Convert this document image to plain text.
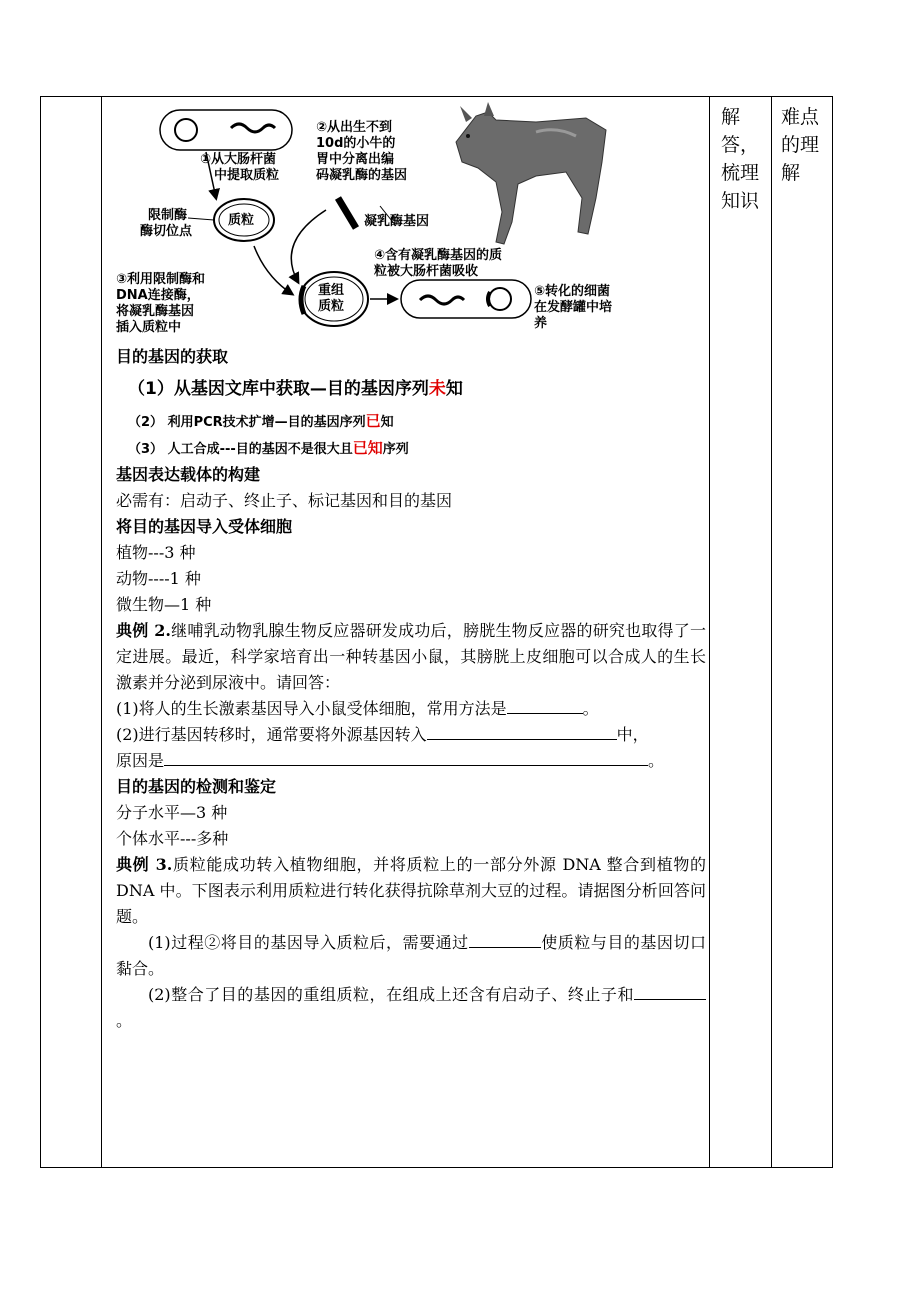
解
答，
梳理
知识
难点
的理
解
①从大肠杆菌
中提取质粒
②从出生不到
10d的小牛的
胃中分离出编
码凝乳酶的基因
限制酶
酶切位点
质粒	凝乳酶基因
④含有凝乳酶基因的质
粒被大肠杆菌吸收
③利用限制酶和
DNA连接酶，
将凝乳酶基因
插入质粒中
重组
质粒
⑤转化的细菌
在发酵罐中培
养
目的基因的获取
（1）从基因文库中获取—目的基因序列未知
（2） 利用PCR技术扩增—目的基因序列已知
（3） 人工合成---目的基因不是很大且已知序列
基因表达载体的构建
必需有：启动子、终止子、标记基因和目的基因
将目的基因导入受体细胞
植物---3 种
动物----1 种
微生物—1 种
典例 2.继哺乳动物乳腺生物反应器研发成功后，膀胱生物反应器的研究也取得了一定进展。最近，科学家培育出一种转基因小鼠，其膀胱上皮细胞可以合成人的生长激素并分泌到尿液中。请回答：
(1)将人的生长激素基因导入小鼠受体细胞，常用方法是	。
(2)进行基因转移时，通常要将外源基因转入	中，
原因是	。
目的基因的检测和鉴定
分子水平—3 种
个体水平---多种
典例 3.质粒能成功转入植物细胞，并将质粒上的一部分外源 DNA 整合到植物的 DNA 中。下图表示利用质粒进行转化获得抗除草剂大豆的过程。请据图分析回答问题。
(1)过程②将目的基因导入质粒后，需要通过	使质粒与目的基因切口黏合。
(2)整合了目的基因的重组质粒，在组成上还含有启动子、终止子和。
